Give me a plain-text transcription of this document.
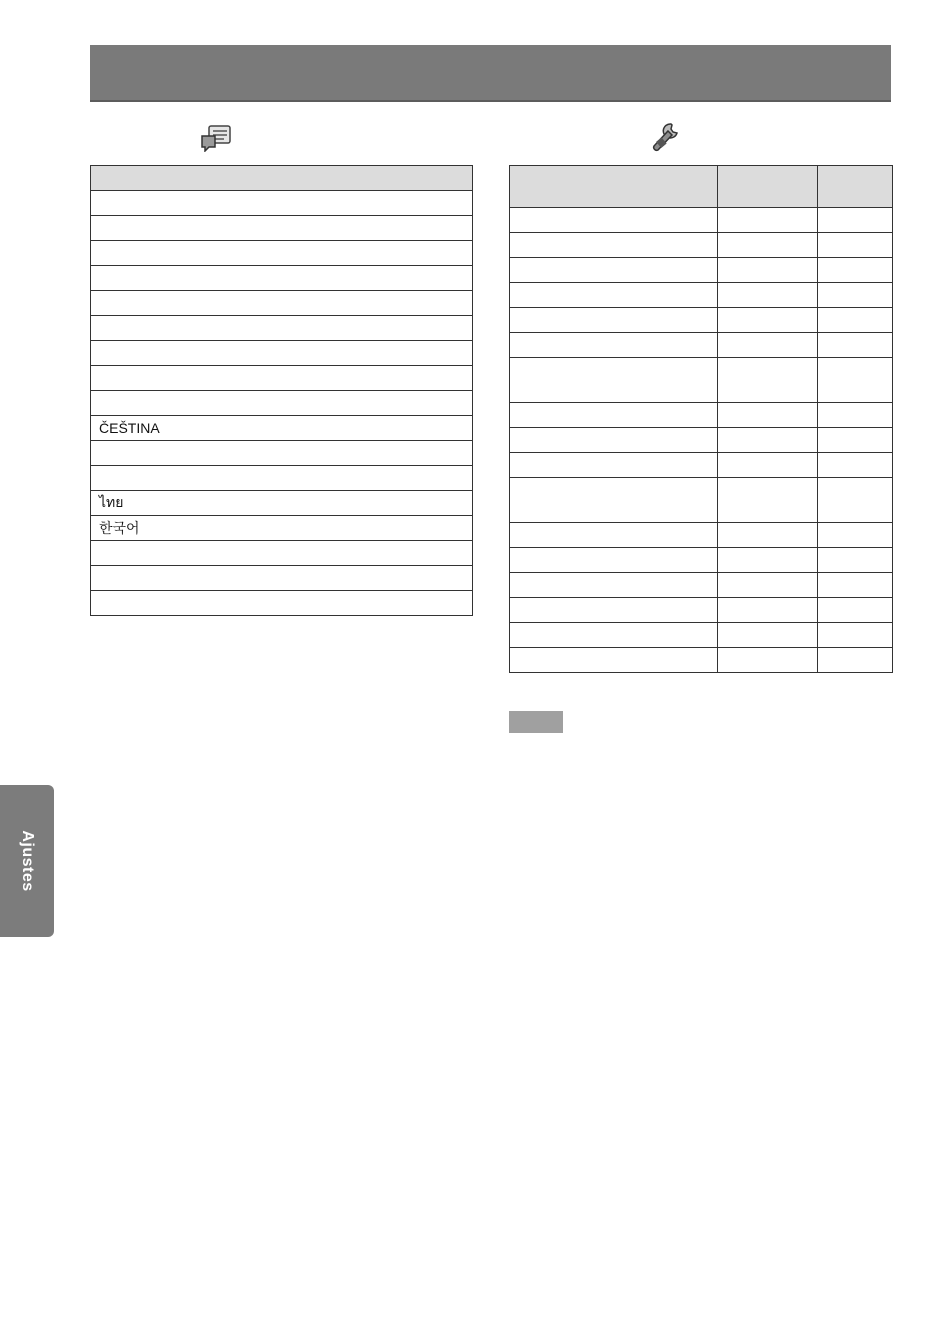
ČEŠTINA

ไทย
한국어

Ajustes
